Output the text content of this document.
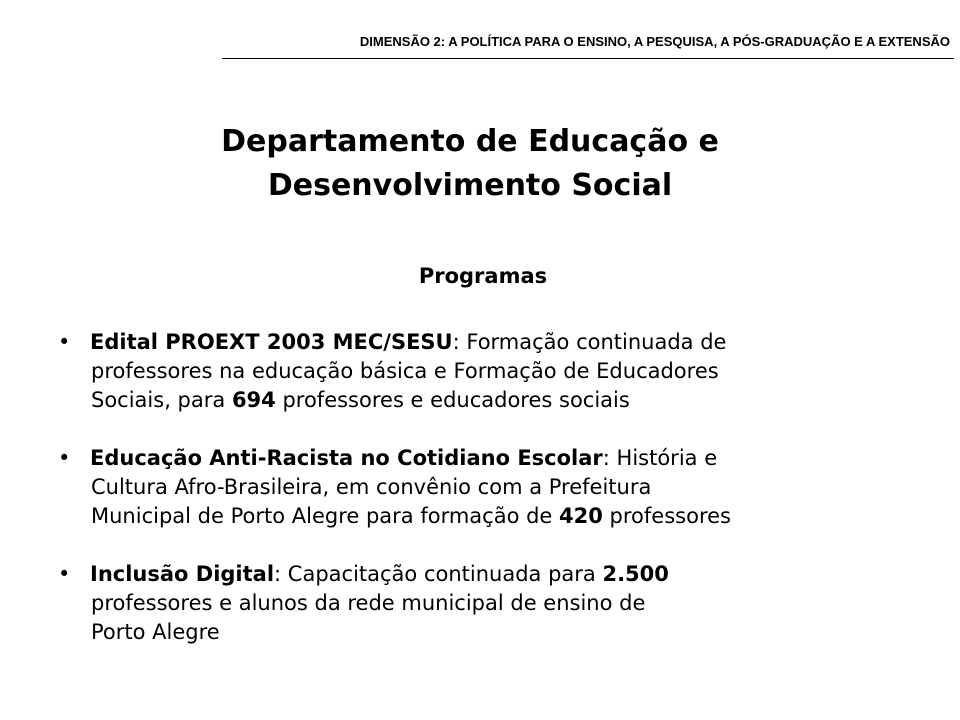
DIMENSÃO 2: A POLÍTICA PARA O ENSINO, A PESQUISA, A PÓS-GRADUAÇÃO E A EXTENSÃO
Departamento de Educação e
Desenvolvimento Social
Programas
• Edital PROEXT 2003 MEC/SESU: Formação continuada de
professores na educação básica e Formação de Educadores
Sociais, para 694 professores e educadores sociais
• Educação Anti-Racista no Cotidiano Escolar: História e
Cultura Afro-Brasileira, em convênio com a Prefeitura
Municipal de Porto Alegre para formação de 420 professores
• Inclusão Digital: Capacitação continuada para 2.500
professores e alunos da rede municipal de ensino de
Porto Alegre
